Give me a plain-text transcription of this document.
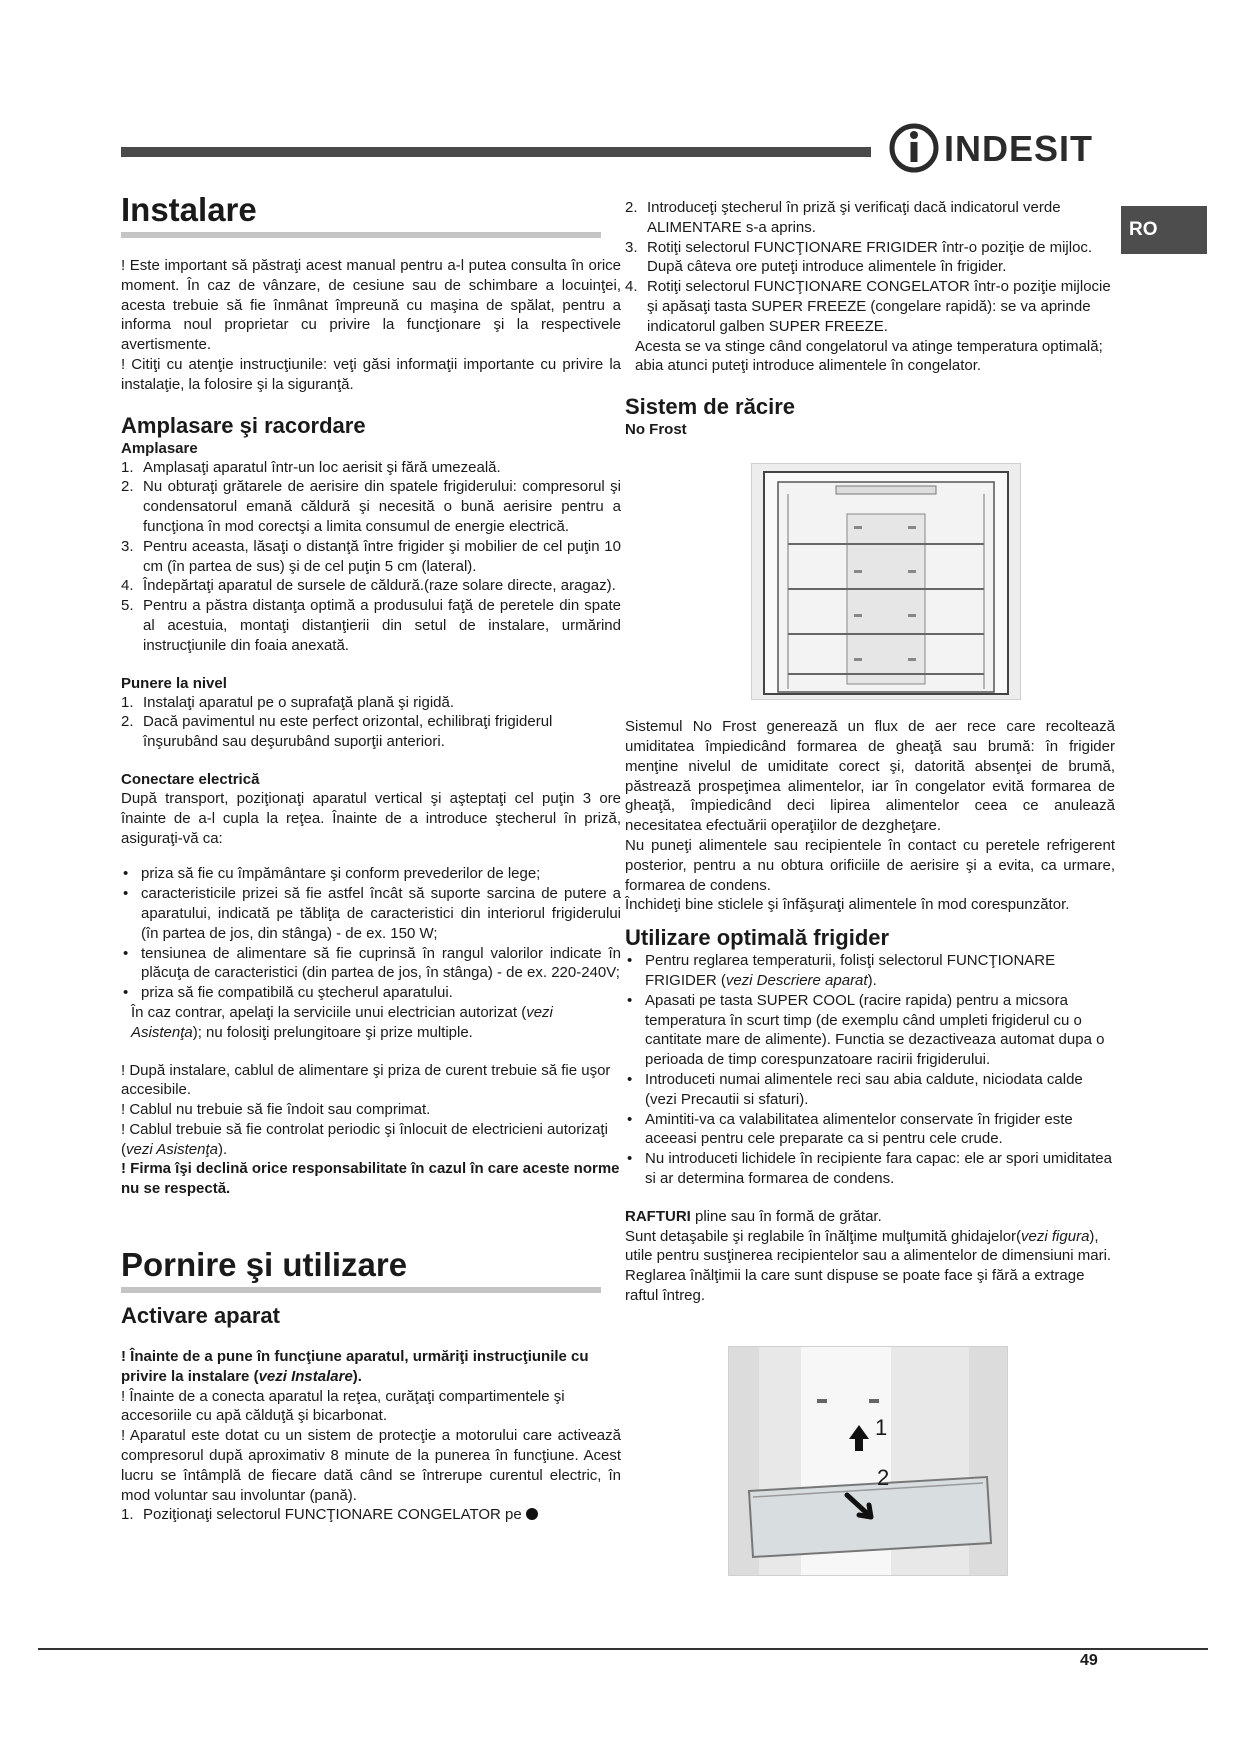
INDESIT
RO

Instalare

! Este important să păstraţi acest manual pentru a-l putea consulta în orice moment. În caz de vânzare, de cesiune sau de schimbare a locuinţei, acesta trebuie să fie înmânat împreună cu maşina de spălat, pentru a informa noul proprietar cu privire la funcţionare şi la respectivele avertismente.

! Citiţi cu atenţie instrucţiunile: veţi găsi informaţii importante cu privire la instalaţie, la folosire şi la siguranţă.

Amplasare şi racordare

Amplasare

1. Amplasaţi aparatul într-un loc aerisit şi fără umezeală.
2. Nu obturaţi grătarele de aerisire din spatele frigiderului: compresorul şi condensatorul emană căldură şi necesită o bună aerisire pentru a funcţiona în mod corectşi a limita consumul de energie electrică.
3. Pentru aceasta, lăsaţi o distanţă între frigider şi mobilier de cel puţin 10 cm (în partea de sus) şi de cel puţin 5 cm (lateral).
4. Îndepărtaţi aparatul de sursele de căldură.(raze solare directe, aragaz).
5. Pentru a păstra distanţa optimă a produsului faţă de peretele din spate al acestuia, montaţi distanţierii din setul de instalare, urmărind instrucţiunile din foaia anexată.

Punere la nivel

1. Instalaţi aparatul pe o suprafaţă plană şi rigidă.
2. Dacă pavimentul nu este perfect orizontal, echilibraţi frigiderul înşurubând sau deşurubând suporţii anteriori.

Conectare electrică

După transport, poziţionaţi aparatul vertical şi aşteptaţi cel puţin 3 ore înainte de a-l cupla la reţea. Înainte de a introduce ştecherul în priză, asiguraţi-vă ca:

• priza să fie cu împământare şi conform prevederilor de lege;
• caracteristicile prizei să fie astfel încât să suporte sarcina de putere a aparatului, indicată pe tăbliţa de caracteristici din interiorul frigiderului (în partea de jos, din stânga) - de ex. 150 W;
• tensiunea de alimentare să fie cuprinsă în rangul valorilor indicate în plăcuţa de caracteristici (din partea de jos, în stânga) - de ex. 220-240V;
• priza să fie compatibilă cu ştecherul aparatului.

În caz contrar, apelaţi la serviciile unui electrician autorizat (vezi Asistenţa); nu folosiţi prelungitoare şi prize multiple.

! După instalare, cablul de alimentare şi priza de curent trebuie să fie uşor accesibile.

! Cablul nu trebuie să fie îndoit sau comprimat.

! Cablul trebuie să fie controlat periodic şi înlocuit de electricieni autorizaţi (vezi Asistenţa).

! Firma îşi declină orice responsabilitate în cazul în care aceste norme nu se respectă.

Pornire şi utilizare

Activare aparat

! Înainte de a pune în funcţiune aparatul, urmăriţi instrucţiunile cu privire la instalare (vezi Instalare).

! Înainte de a conecta aparatul la reţea, curăţaţi compartimentele şi accesoriile cu apă călduţă şi bicarbonat.

! Aparatul este dotat cu un sistem de protecţie a motorului care activează compresorul după aproximativ 8 minute de la punerea în funcţiune. Acest lucru se întâmplă de fiecare dată când se întrerupe curentul electric, în mod voluntar sau involuntar (pană).

1. Poziţionaţi selectorul FUNCŢIONARE CONGELATOR pe
2. Introduceţi ştecherul în priză şi verificaţi dacă indicatorul verde ALIMENTARE s-a aprins.
3. Rotiţi selectorul FUNCŢIONARE FRIGIDER într-o poziţie de mijloc. După câteva ore puteţi introduce alimentele în frigider.
4. Rotiţi selectorul FUNCŢIONARE CONGELATOR într-o poziţie mijlocie şi apăsaţi tasta SUPER FREEZE (congelare rapidă): se va aprinde indicatorul galben SUPER FREEZE.

Acesta se va stinge când congelatorul va atinge temperatura optimală; abia atunci puteţi introduce alimentele în congelator.

Sistem de răcire

No Frost

Sistemul No Frost generează un flux de aer rece care recoltează umiditatea împiedicând formarea de gheaţă sau brumă: în frigider menţine nivelul de umiditate corect şi, datorită absenţei de brumă, păstrează prospeţimea alimentelor, iar în congelator evită formarea de gheaţă, împiedicând deci lipirea alimentelor ceea ce anulează necesitatea efectuării operaţiilor de dezgheţare.

Nu puneţi alimentele sau recipientele în contact cu peretele refrigerent posterior, pentru a nu obtura orificiile de aerisire şi a evita, ca urmare, formarea de condens.

Închideţi bine sticlele şi înfăşuraţi alimentele în mod corespunzător.

Utilizare optimală frigider

• Pentru reglarea temperaturii, folisţi selectorul FUNCŢIONARE FRIGIDER (vezi Descriere aparat).
• Apasati pe tasta SUPER COOL (racire rapida) pentru a micsora temperatura în scurt timp (de exemplu când umpleti frigiderul cu o cantitate mare de alimente). Functia se dezactiveaza automat dupa o perioada de timp corespunzatoare racirii frigiderului.
• Introduceti numai alimentele reci sau abia caldute, niciodata calde (vezi Precautii si sfaturi).
• Amintiti-va ca valabilitatea alimentelor conservate în frigider este aceeasi pentru cele preparate ca si pentru cele crude.
• Nu introduceti lichidele în recipiente fara capac: ele ar spori umiditatea si ar determina formarea de condens.

RAFTURI pline sau în formă de grătar.

Sunt detaşabile şi reglabile în înălţime mulţumită ghidajelor(vezi figura), utile pentru susţinerea recipientelor sau a alimentelor de dimensiuni mari. Reglarea înălţimii la care sunt dispuse se poate face şi fără a extrage raftul întreg.

1
2
49
